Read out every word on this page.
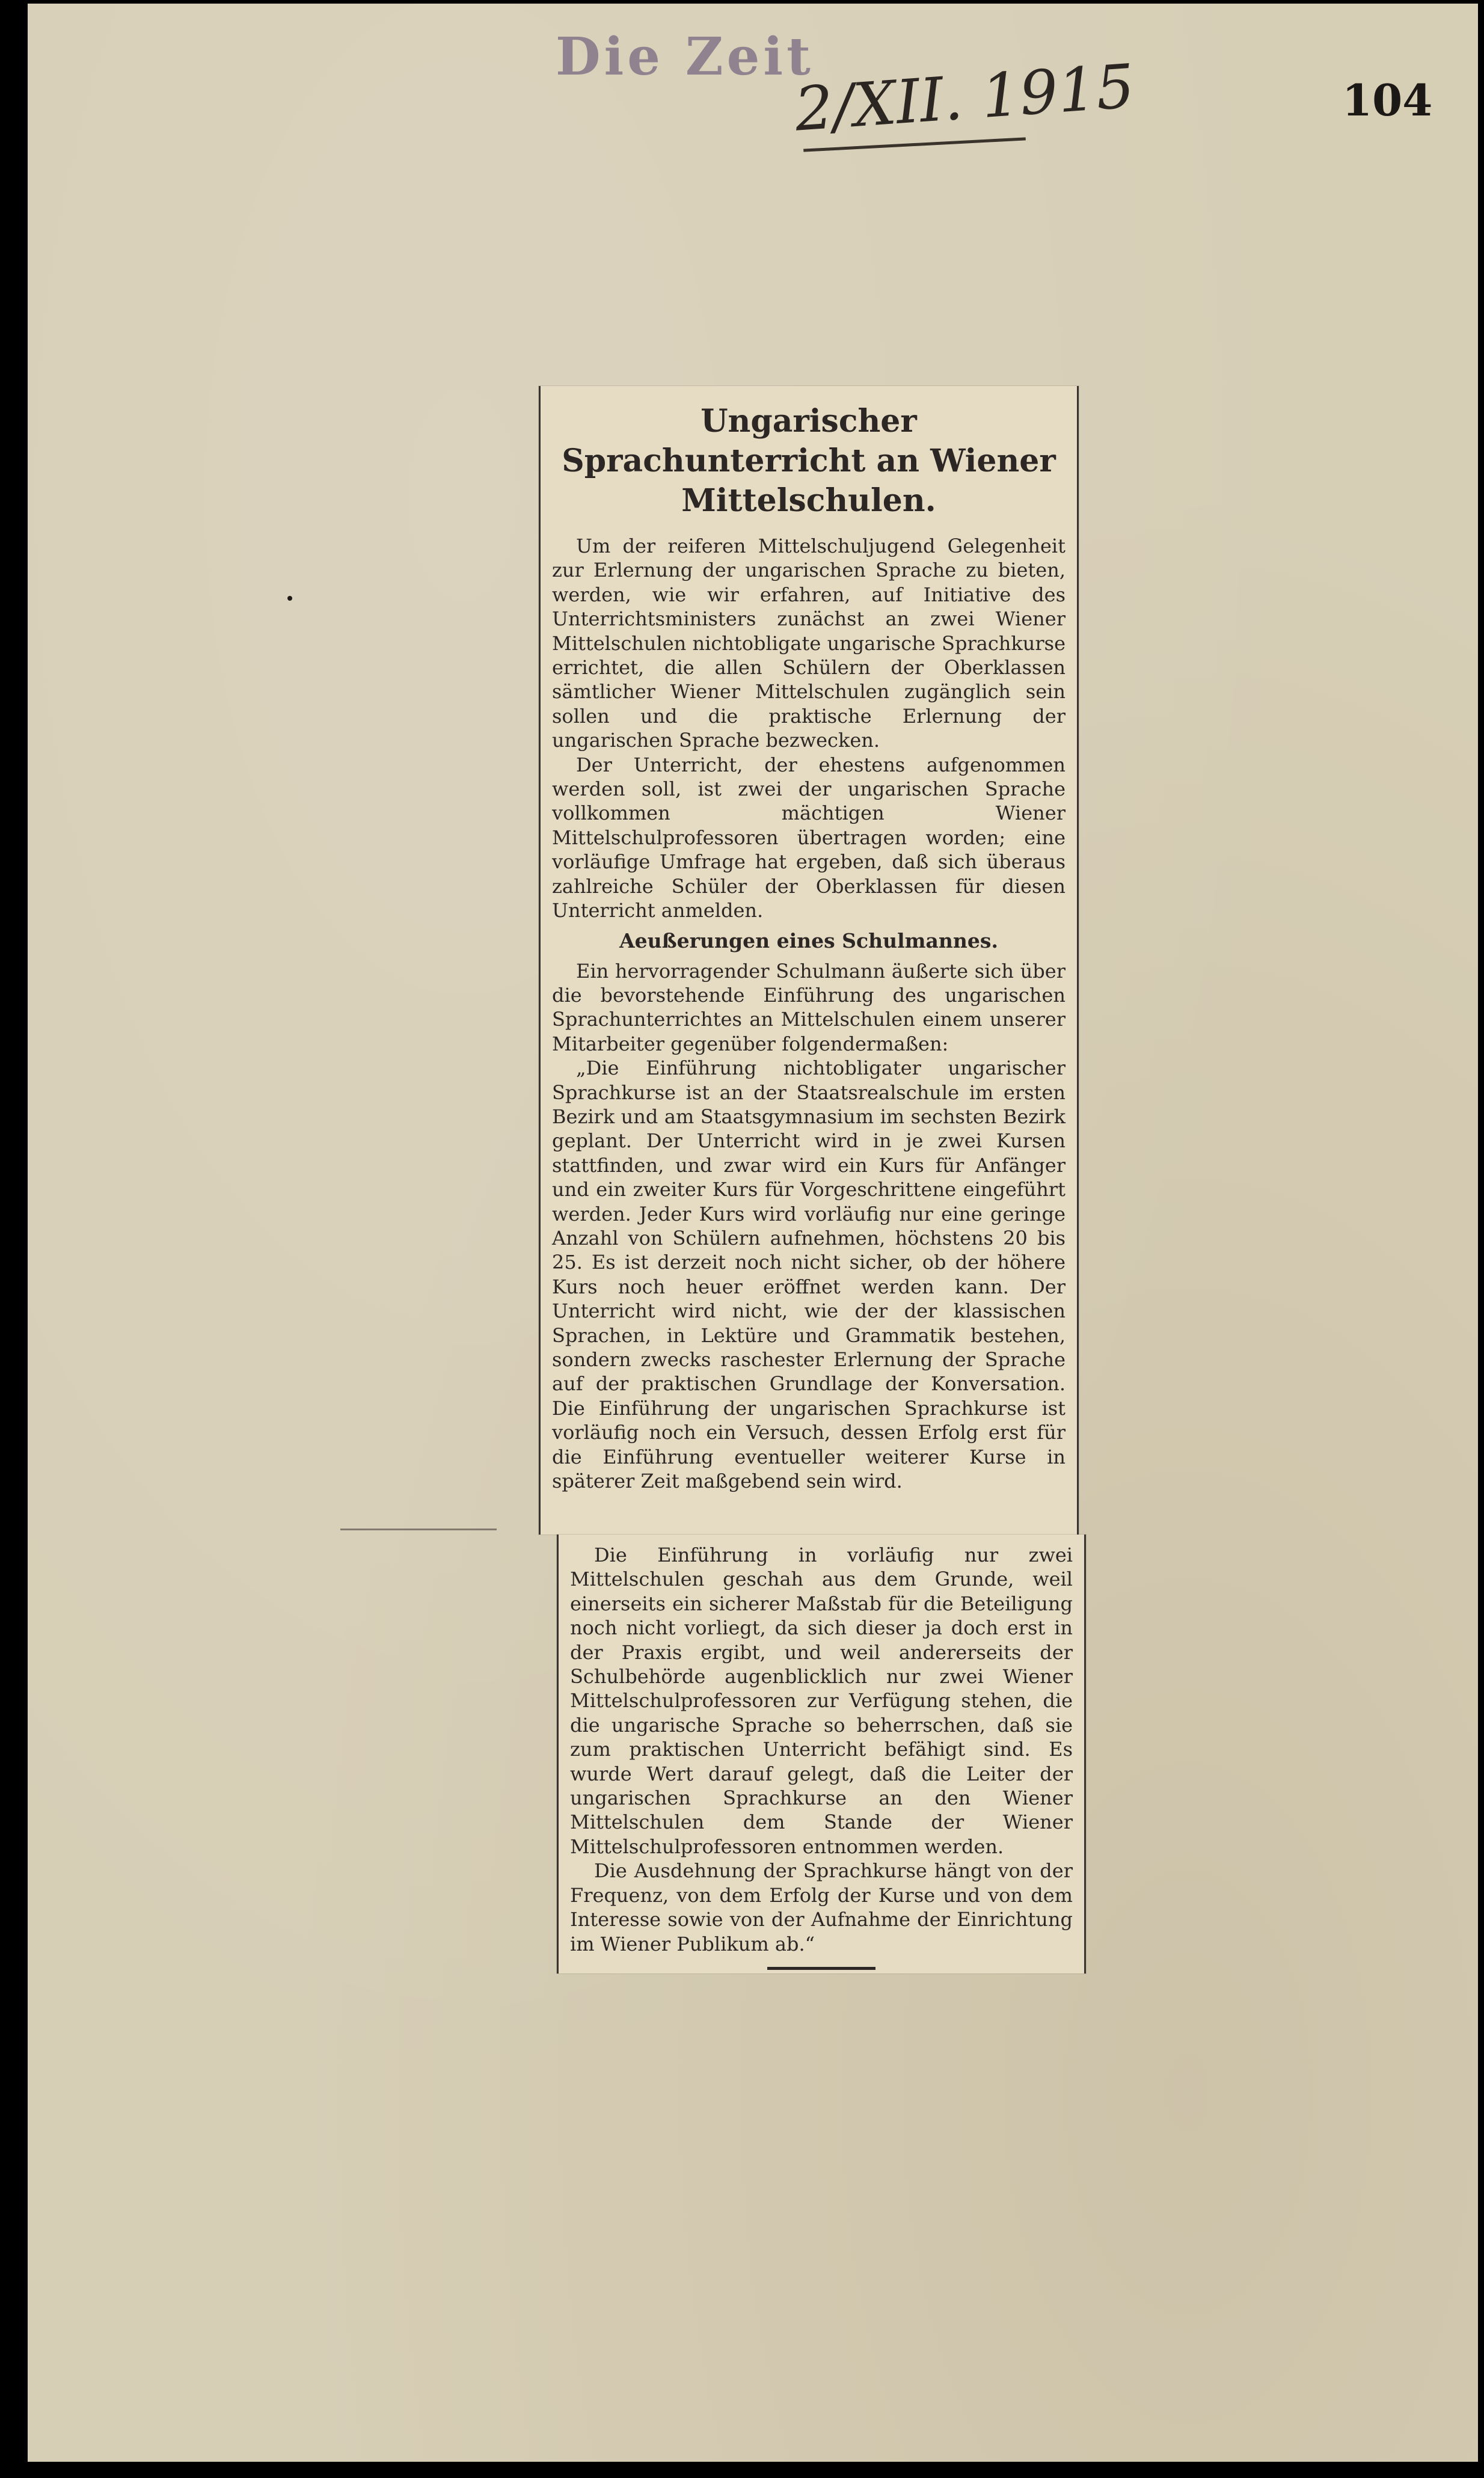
Die Zeit
2/XII. 1915	104
Ungarischer Sprachunterricht an Wiener Mittelschulen.

Um der reiferen Mittelschuljugend Gelegenheit zur Erlernung der ungarischen Sprache zu bieten, werden, wie wir erfahren, auf Initiative des Unterrichtsministers zunächst an zwei Wiener Mittelschulen nichtobligate ungarische Sprachkurse errichtet, die allen Schülern der Oberklassen sämtlicher Wiener Mittelschulen zugänglich sein sollen und die praktische Erlernung der ungarischen Sprache bezwecken.

Der Unterricht, der ehestens aufgenommen werden soll, ist zwei der ungarischen Sprache vollkommen mächtigen Wiener Mittelschulprofessoren übertragen worden; eine vorläufige Umfrage hat ergeben, daß sich überaus zahlreiche Schüler der Oberklassen für diesen Unterricht anmelden.

Aeußerungen eines Schulmannes.

Ein hervorragender Schulmann äußerte sich über die bevorstehende Einführung des ungarischen Sprachunterrichtes an Mittelschulen einem unserer Mitarbeiter gegenüber folgendermaßen:

„Die Einführung nichtobligater ungarischer Sprachkurse ist an der Staatsrealschule im ersten Bezirk und am Staatsgymnasium im sechsten Bezirk geplant. Der Unterricht wird in je zwei Kursen stattfinden, und zwar wird ein Kurs für Anfänger und ein zweiter Kurs für Vorgeschrittene eingeführt werden. Jeder Kurs wird vorläufig nur eine geringe Anzahl von Schülern aufnehmen, höchstens 20 bis 25. Es ist derzeit noch nicht sicher, ob der höhere Kurs noch heuer eröffnet werden kann. Der Unterricht wird nicht, wie der der klassischen Sprachen, in Lektüre und Grammatik bestehen, sondern zwecks raschester Erlernung der Sprache auf der praktischen Grundlage der Konversation. Die Einführung der ungarischen Sprachkurse ist vorläufig noch ein Versuch, dessen Erfolg erst für die Einführung eventueller weiterer Kurse in späterer Zeit maßgebend sein wird.

Die Einführung in vorläufig nur zwei Mittelschulen geschah aus dem Grunde, weil einerseits ein sicherer Maßstab für die Beteiligung noch nicht vorliegt, da sich dieser ja doch erst in der Praxis ergibt, und weil andererseits der Schulbehörde augenblicklich nur zwei Wiener Mittelschulprofessoren zur Verfügung stehen, die die ungarische Sprache so beherrschen, daß sie zum praktischen Unterricht befähigt sind. Es wurde Wert darauf gelegt, daß die Leiter der ungarischen Sprachkurse an den Wiener Mittelschulen dem Stande der Wiener Mittelschulprofessoren entnommen werden.

Die Ausdehnung der Sprachkurse hängt von der Frequenz, von dem Erfolg der Kurse und von dem Interesse sowie von der Aufnahme der Einrichtung im Wiener Publikum ab.“
